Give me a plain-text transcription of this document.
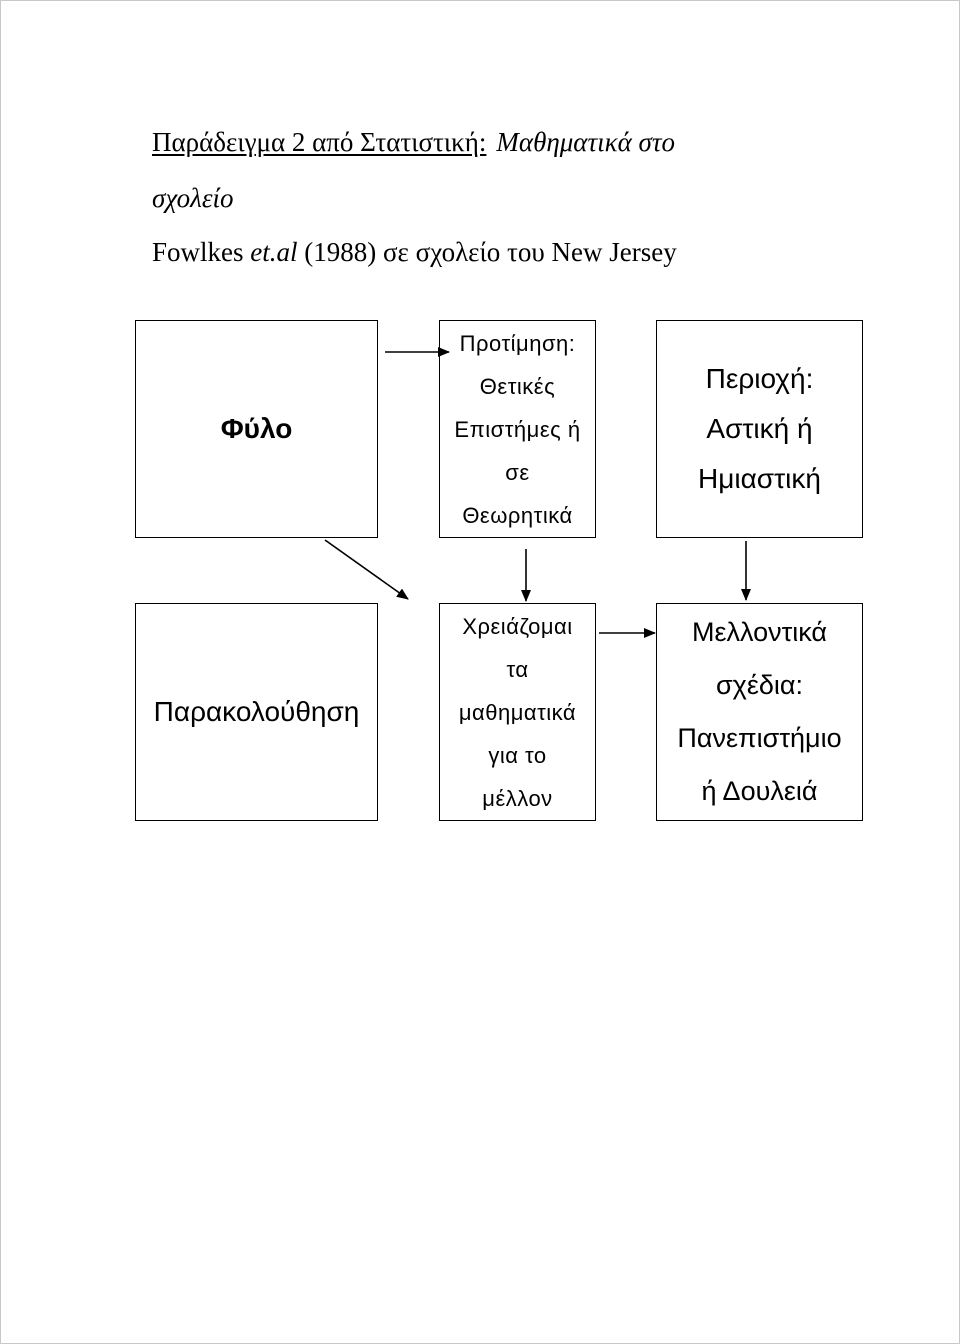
Παράδειγμα 2 από Στατιστική: Μαθηματικά στο

σχολείο

Fowlkes et.al (1988) σε σχολείο του New Jersey

Φύλο
Προτίμηση:
Θετικές
Επιστήμες ή
σε
Θεωρητικά
Περιοχή:
Αστική ή
Ημιαστική
Παρακολούθηση
Χρειάζομαι
τα
μαθηματικά
για το
μέλλον
Μελλοντικά
σχέδια:
Πανεπιστήμιο
ή Δουλειά
